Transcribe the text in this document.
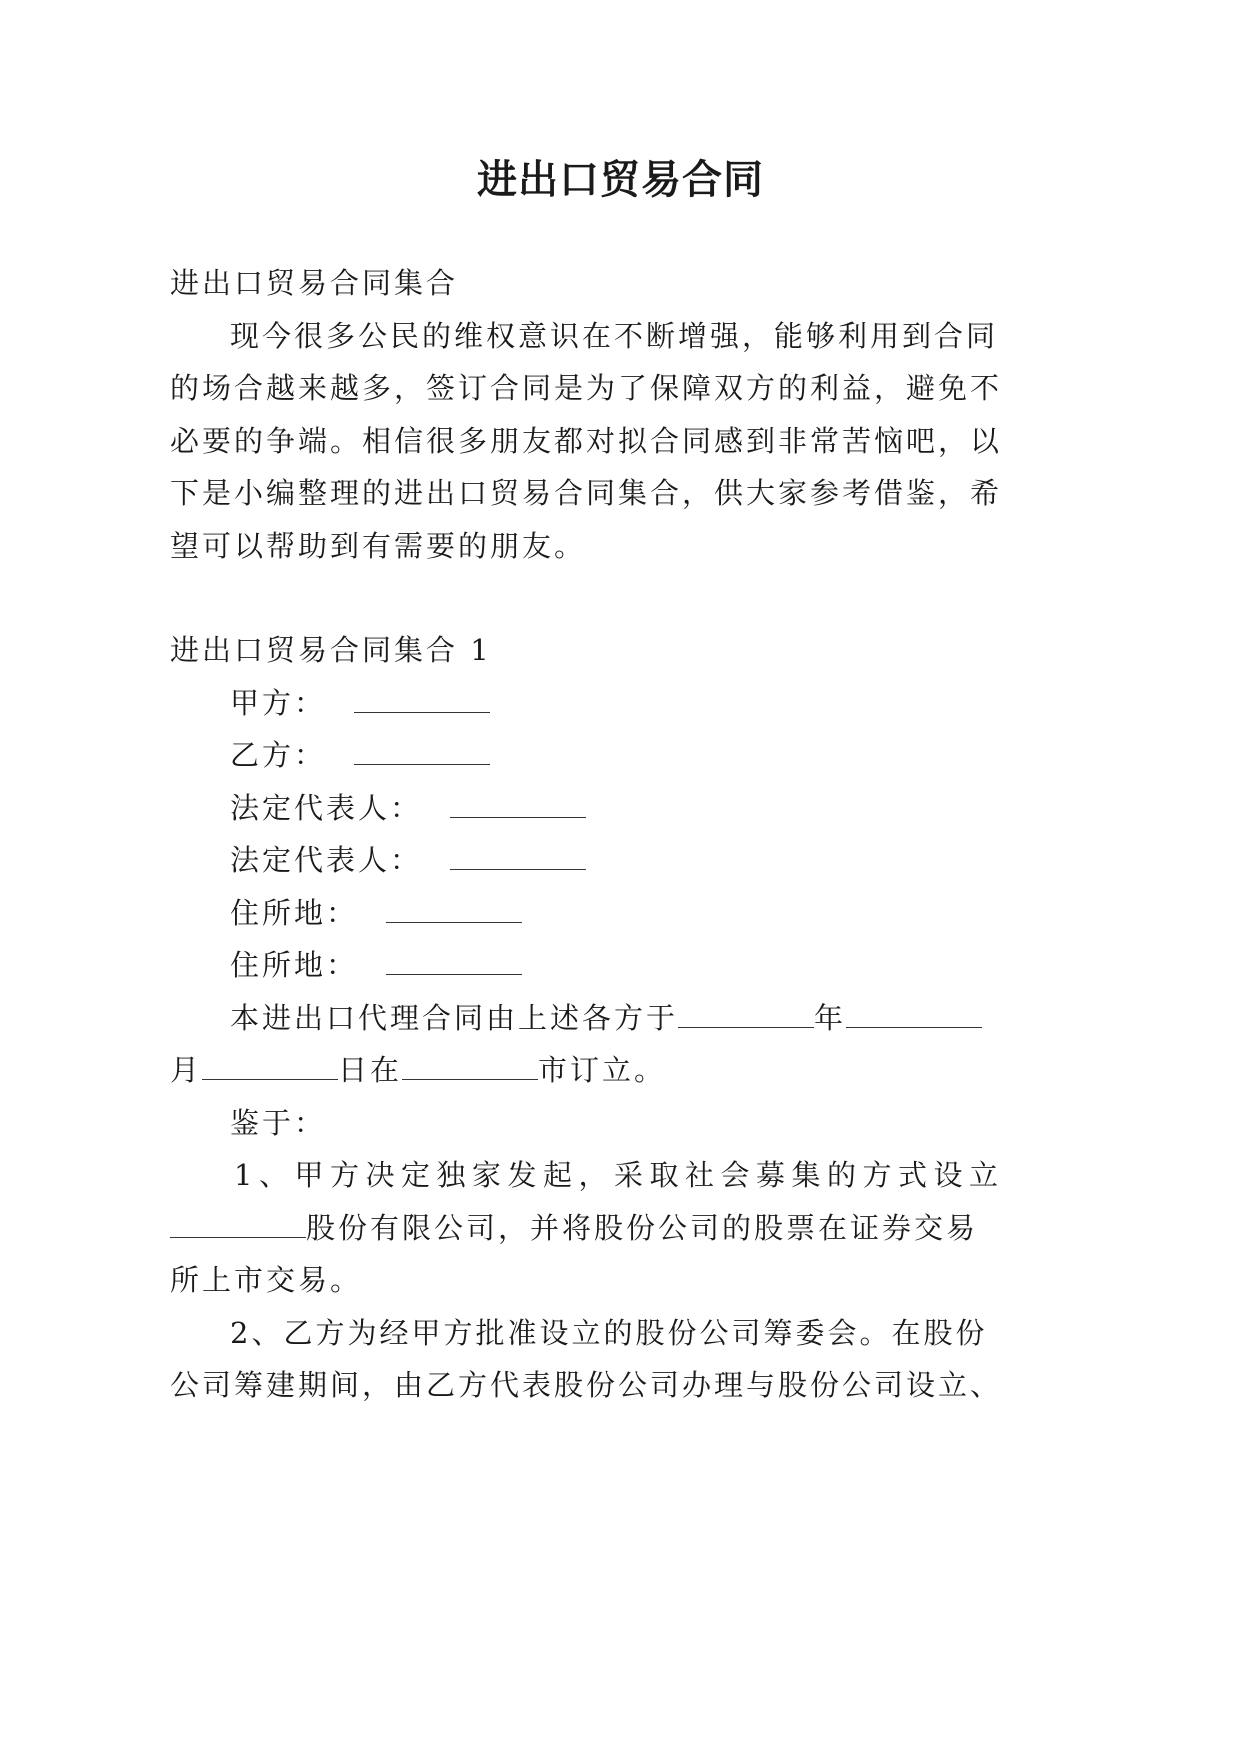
进出口贸易合同
进出口贸易合同集合
现今很多公民的维权意识在不断增强，能够利用到合同
的场合越来越多，签订合同是为了保障双方的利益，避免不
必要的争端。相信很多朋友都对拟合同感到非常苦恼吧，以
下是小编整理的进出口贸易合同集合，供大家参考借鉴，希
望可以帮助到有需要的朋友。
进出口贸易合同集合 1
甲方：
乙方：
法定代表人：
法定代表人：
住所地：
住所地：
本进出口代理合同由上述各方于	年
月	日在	市订立。
鉴于：
1、甲方决定独家发起，采取社会募集的方式设立
股份有限公司，并将股份公司的股票在证券交易
所上市交易。
2、乙方为经甲方批准设立的股份公司筹委会。在股份
公司筹建期间，由乙方代表股份公司办理与股份公司设立、
